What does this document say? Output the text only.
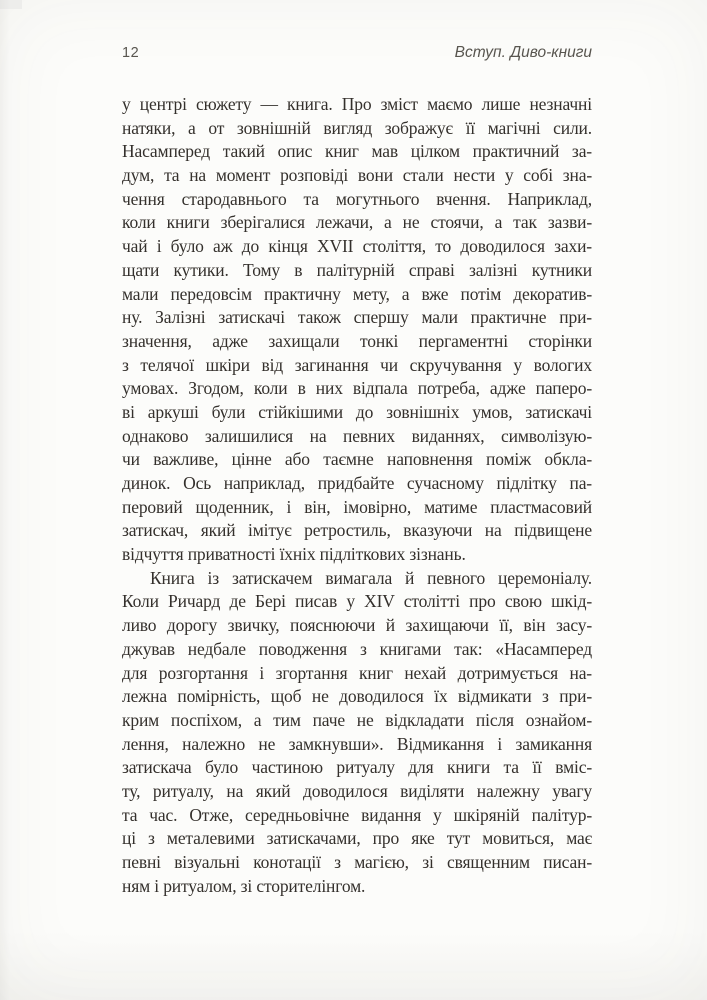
12	Вступ. Диво-книги
у центрі сюжету — книга. Про зміст маємо лише незначні
натяки, а от зовнішній вигляд зображує її магічні сили.
Насамперед такий опис книг мав цілком практичний за-
дум, та на момент розповіді вони стали нести у собі зна-
чення стародавнього та могутнього вчення. Наприклад,
коли книги зберігалися лежачи, а не стоячи, а так зазви-
чай і було аж до кінця XVII століття, то доводилося захи-
щати кутики. Тому в палітурній справі залізні кутники
мали передовсім практичну мету, а вже потім декоратив-
ну. Залізні затискачі також спершу мали практичне при-
значення, адже захищали тонкі пергаментні сторінки
з телячої шкіри від загинання чи скручування у вологих
умовах. Згодом, коли в них відпала потреба, адже паперо-
ві аркуші були стійкішими до зовнішніх умов, затискачі
однаково залишилися на певних виданнях, символізую-
чи важливе, цінне або таємне наповнення поміж обкла-
динок. Ось наприклад, придбайте сучасному підлітку па-
перовий щоденник, і він, імовірно, матиме пластмасовий
затискач, який імітує ретростиль, вказуючи на підвищене
відчуття приватності їхніх підліткових зізнань.
Книга із затискачем вимагала й певного церемоніалу.
Коли Ричард де Бері писав у XIV столітті про свою шкід-
ливо дорогу звичку, пояснюючи й захищаючи її, він засу-
джував недбале поводження з книгами так: «Насамперед
для розгортання і згортання книг нехай дотримується на-
лежна помірність, щоб не доводилося їх відмикати з при-
крим поспіхом, а тим паче не відкладати після ознайом-
лення, належно не замкнувши». Відмикання і замикання
затискача було частиною ритуалу для книги та її вміс-
ту, ритуалу, на який доводилося виділяти належну увагу
та час. Отже, середньовічне видання у шкіряній палітур-
ці з металевими затискачами, про яке тут мовиться, має
певні візуальні конотації з магією, зі священним писан-
ням і ритуалом, зі сторителінгом.
